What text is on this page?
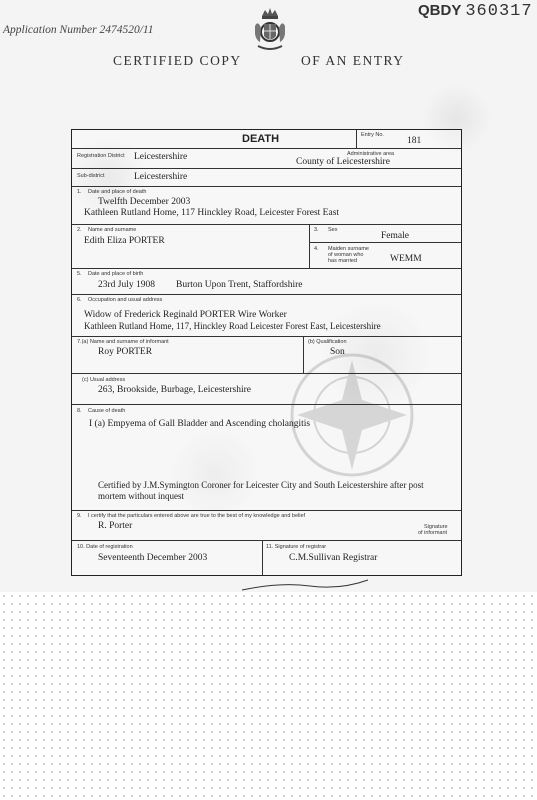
Application Number 2474520/11
QBDY 360317
CERTIFIED COPY	OF AN ENTRY
DEATH	Entry No.
181
Registration District Leicestershire	Administrative area
County of Leicestershire
Sub-district	Leicestershire
1. Date and place of death
Twelfth December 2003
Kathleen Rutland Home, 117 Hinckley Road, Leicester Forest East
2. Name and surname
Edith Eliza PORTER
3. Sex
Female
4. Maiden surname
of woman who
has married	WEMM
5. Date and place of birth
23rd July 1908 Burton Upon Trent, Staffordshire
6. Occupation and usual address
Widow of Frederick Reginald PORTER Wire Worker
Kathleen Rutland Home, 117, Hinckley Road Leicester Forest East, Leicestershire
7.(a) Name and surname of informant
Roy PORTER
(b) Qualification
Son
(c) Usual address
263, Brookside, Burbage, Leicestershire
8. Cause of death
I (a) Empyema of Gall Bladder and Ascending cholangitis
Certified by J.M.Symington Coroner for Leicester City and South Leicestershire after post
mortem without inquest
9. I certify that the particulars entered above are true to the best of my knowledge and belief
R. Porter	Signature
of informant
10. Date of registration
Seventeenth December 2003
11. Signature of registrar
C.M.Sullivan Registrar
